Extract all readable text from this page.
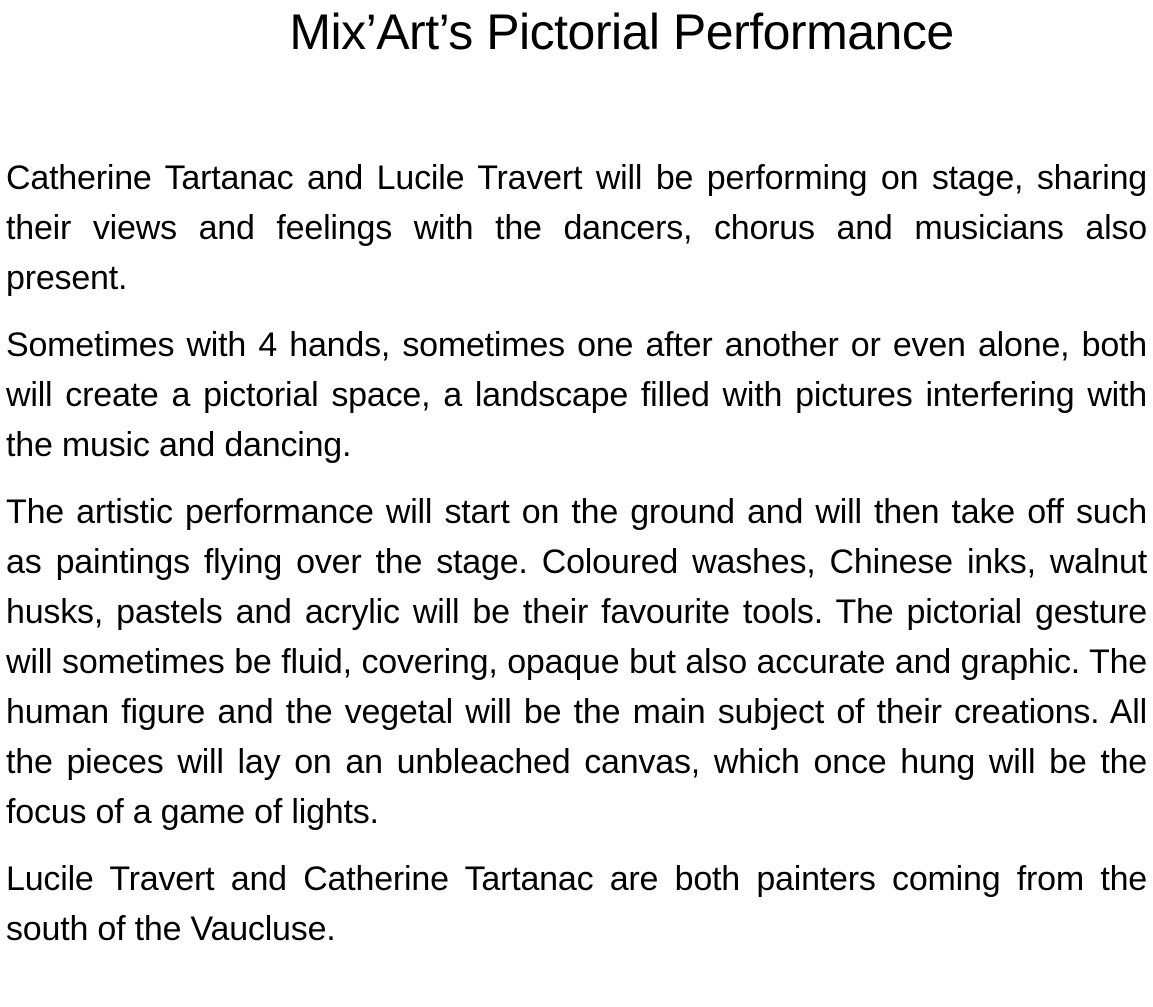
Mix’Art’s Pictorial Performance

Catherine Tartanac and Lucile Travert will be performing on stage, sharing their views and feelings with the dancers, chorus and musicians also present.

Sometimes with 4 hands, sometimes one after another or even alone, both will create a pictorial space, a landscape filled with pictures interfering with the music and dancing.

The artistic performance will start on the ground and will then take off such as paintings flying over the stage. Coloured washes, Chinese inks, walnut husks, pastels and acrylic will be their favourite tools. The pictorial gesture will sometimes be fluid, covering, opaque but also accurate and graphic. The human figure and the vegetal will be the main subject of their creations. All the pieces will lay on an unbleached canvas, which once hung will be the focus of a game of lights.

Lucile Travert and Catherine Tartanac are both painters coming from the south of the Vaucluse.
